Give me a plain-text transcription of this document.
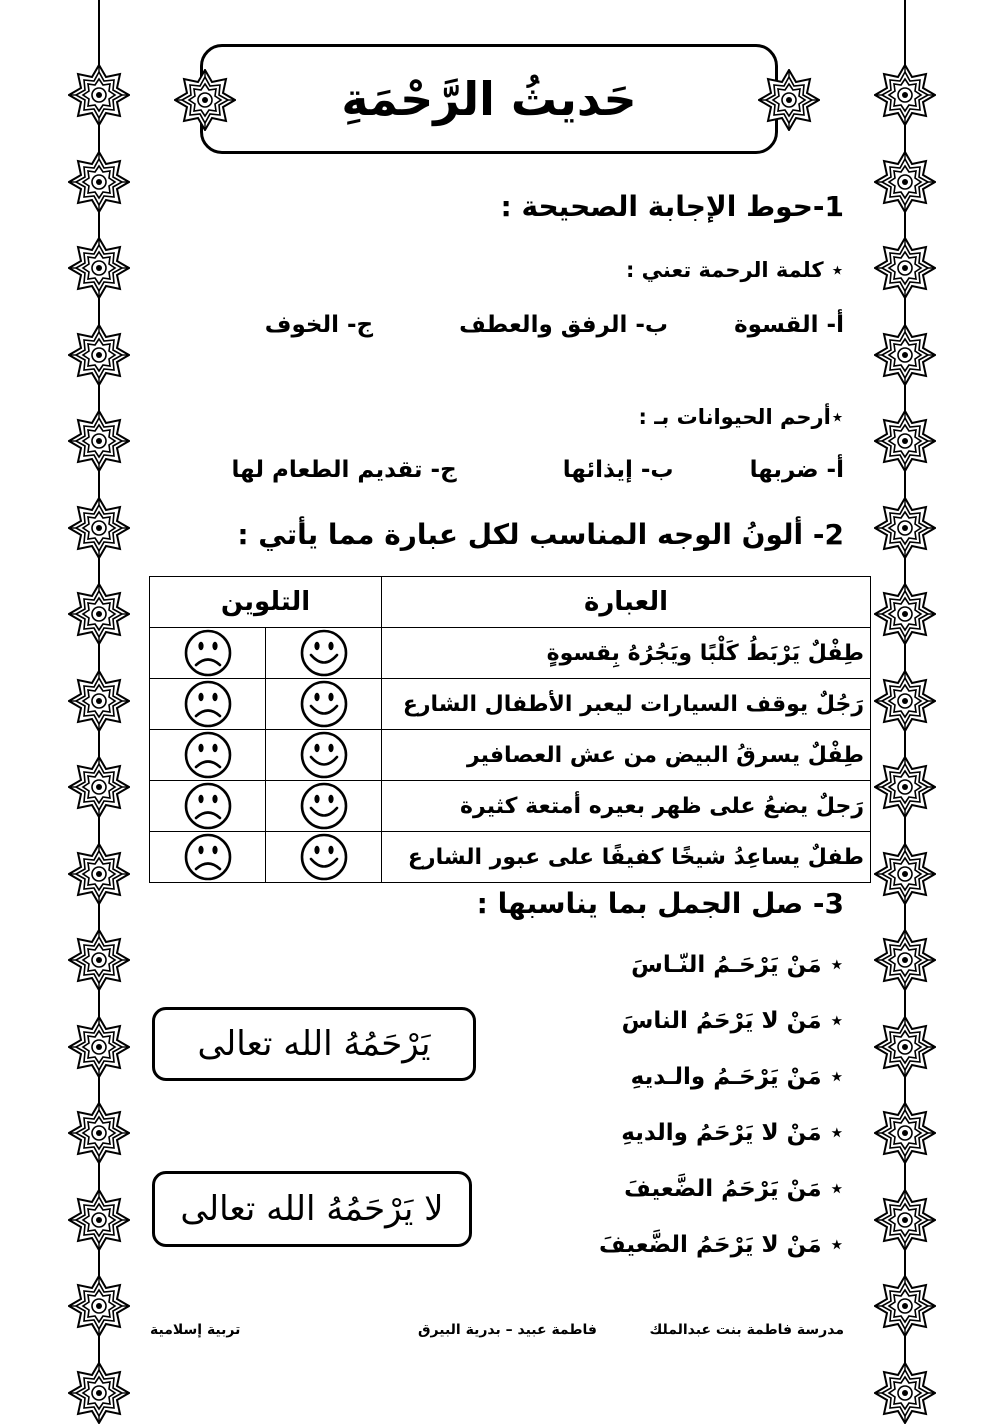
حَديثُ الرَّحْمَةِ
1-حوط الإجابة الصحيحة :
⋆ كلمة الرحمة تعني :
أ- القسوة  ب- الرفق والعطف  ج- الخوف
⋆أرحم الحيوانات بـ :
أ- ضربها  ب- إيذائها  ج- تقديم الطعام لها
2- ألونُ الوجه المناسب لكل عبارة مما يأتي :
العبارة	التلوين	
طِفْلٌ يَرْبَطُ كَلْبًا ويَجُرُهُ بِقسوةٍ		
رَجُلٌ يوقف السيارات ليعبر الأطفال الشارع		
طِفْلٌ يسرقُ البيض من عش العصافير		
رَجلٌ يضعُ على ظهر بعيره أمتعة كثيرة		
طفلٌ يساعِدُ شيخًا كفيفًا على عبور الشارع		
3- صل الجمل بما يناسبها :
⋆ مَنْ يَرْحَـمُ النّـاسَ
⋆ مَنْ لا يَرْحَمُ الناسَ
⋆ مَنْ يَرْحَـمُ والـديهِ
⋆ مَنْ لا يَرْحَمُ والديهِ
⋆ مَنْ يَرْحَمُ الضَّعيفَ
⋆ مَنْ لا يَرْحَمُ الضَّعيفَ
يَرْحَمُهُ الله تعالى
لا يَرْحَمُهُ الله تعالى
مدرسة فاطمة بنت عبدالملك
فاطمة عبيد – بدرية البيرق
تربية إسلامية
